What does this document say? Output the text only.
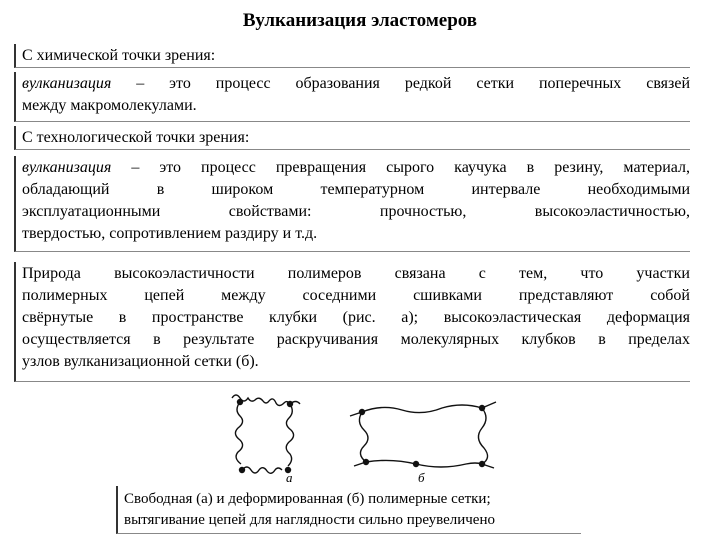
Вулканизация эластомеров
С химической точки зрения:
вулканизация – это процесс образования редкой сетки поперечных связей
между макромолекулами.
С технологической точки зрения:
вулканизация – это процесс превращения сырого каучука в резину, материал,
обладающий в широком температурном интервале необходимыми
эксплуатационными свойствами: прочностью, высокоэластичностью,
твердостью, сопротивлением раздиру и т.д.
Природа высокоэластичности полимеров связана с тем, что участки
полимерных цепей между соседними сшивками представляют собой
свёрнутые в пространстве клубки (рис. а); высокоэластическая деформация
осуществляется в результате раскручивания молекулярных клубков в пределах
узлов вулканизационной сетки (б).
а	б
Свободная (а) и деформированная (б) полимерные сетки;
вытягивание цепей для наглядности сильно преувеличено
